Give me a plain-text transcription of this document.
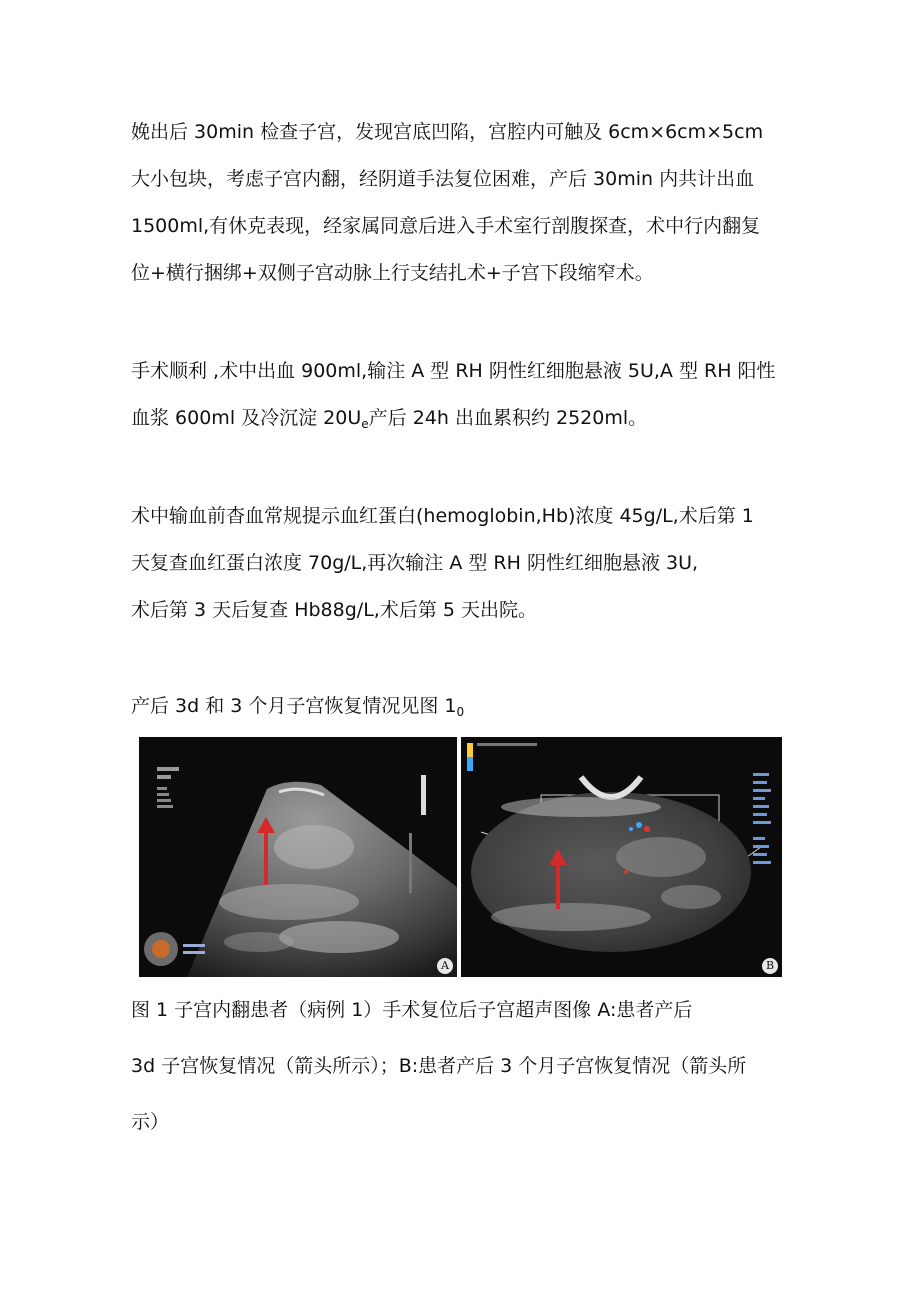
娩出后 30min 检查子宫，发现宫底凹陷，宫腔内可触及 6cm×6cm×5cm
大小包块，考虑子宫内翻，经阴道手法复位困难，产后 30min 内共计出血
1500ml,有休克表现，经家属同意后进入手术室行剖腹探查，术中行内翻复
位+横行捆绑+双侧子宫动脉上行支结扎术+子宫下段缩窄术。

手术顺利 ,术中出血 900ml,输注 A 型 RH 阴性红细胞悬液 5U,A 型 RH 阳性
血浆 600ml 及冷沉淀 $20U_e$产后 24h 出血累积约 2520ml。

术中输血前杳血常规提示血红蛋白(hemoglobin,Hb)浓度 45g/L,术后第 1
天复查血红蛋白浓度 70g/L,再次输注 A 型 RH 阴性红细胞悬液 3U,
术后第 3 天后复查 Hb88g/L,术后第 5 天出院。

产后 3d 和 3 个月子宫恢复情况见图 $1_0$

A	B

图 1 子宫内翻患者（病例 1）手术复位后子宫超声图像 A:患者产后
3d 子宫恢复情况（箭头所示）；B:患者产后 3 个月子宫恢复情况（箭头所
示）
